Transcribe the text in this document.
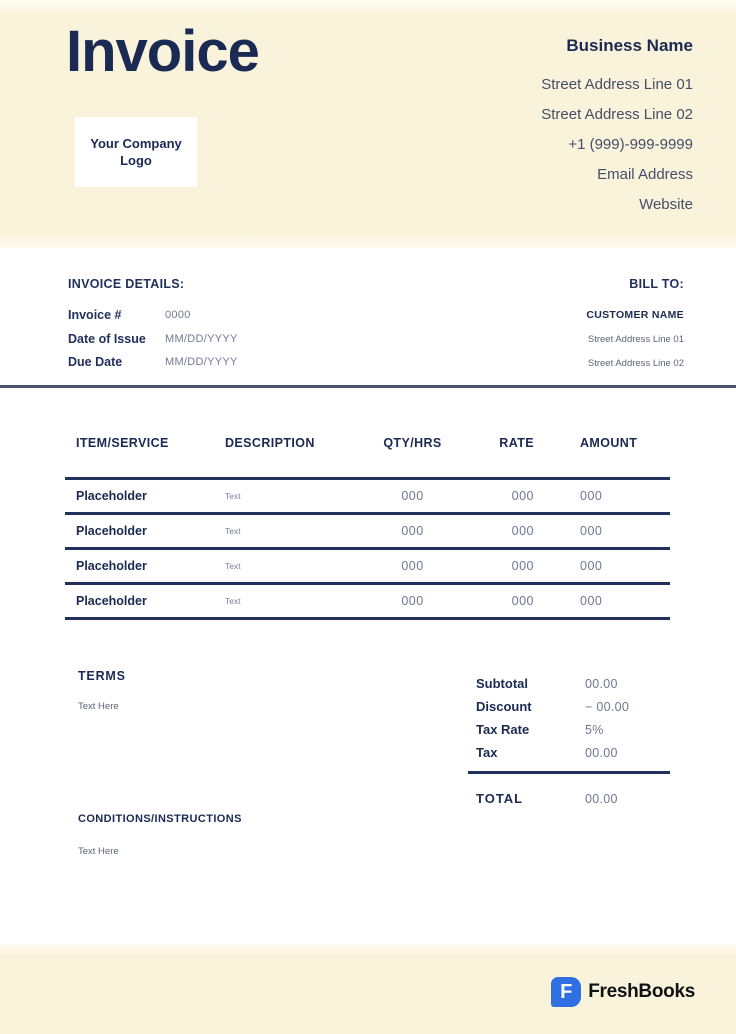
Invoice
Your Company Logo
Business Name
Street Address Line 01
Street Address Line 02
+1 (999)-999-9999
Email Address
Website
INVOICE DETAILS:
Invoice #	0000
Date of Issue MM/DD/YYYY
Due Date	MM/DD/YYYY
BILL TO:
CUSTOMER NAME
Street Address Line 01
Street Address Line 02
ITEM/SERVICE	DESCRIPTION	QTY/HRS	RATE	AMOUNT
Placeholder	Text	000	000	000
Placeholder	Text	000	000	000
Placeholder	Text	000	000	000
Placeholder	Text	000	000	000
TERMS
Text Here
Subtotal	00.00
Discount	− 00.00
Tax Rate	5%
Tax	00.00
TOTAL	00.00
CONDITIONS/INSTRUCTIONS
Text Here
F FreshBooks
